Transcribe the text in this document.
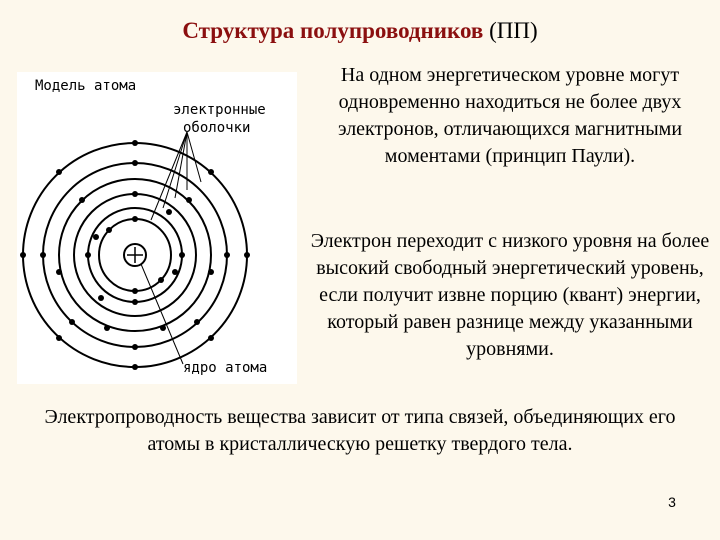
Структура полупроводников (ПП)
Модель атома
электронные
оболочки
ядро атома
На одном энергетическом уровне могут одновременно находиться не более двух электронов, отличающихся магнитными моментами (принцип Паули).
Электрон переходит с низкого уровня на более высокий свободный энергетический уровень, если получит извне порцию (квант) энергии, который равен разнице между указанными уровнями.
Электропроводность вещества зависит от типа связей, объединяющих его атомы в кристаллическую решетку твердого тела.
3
